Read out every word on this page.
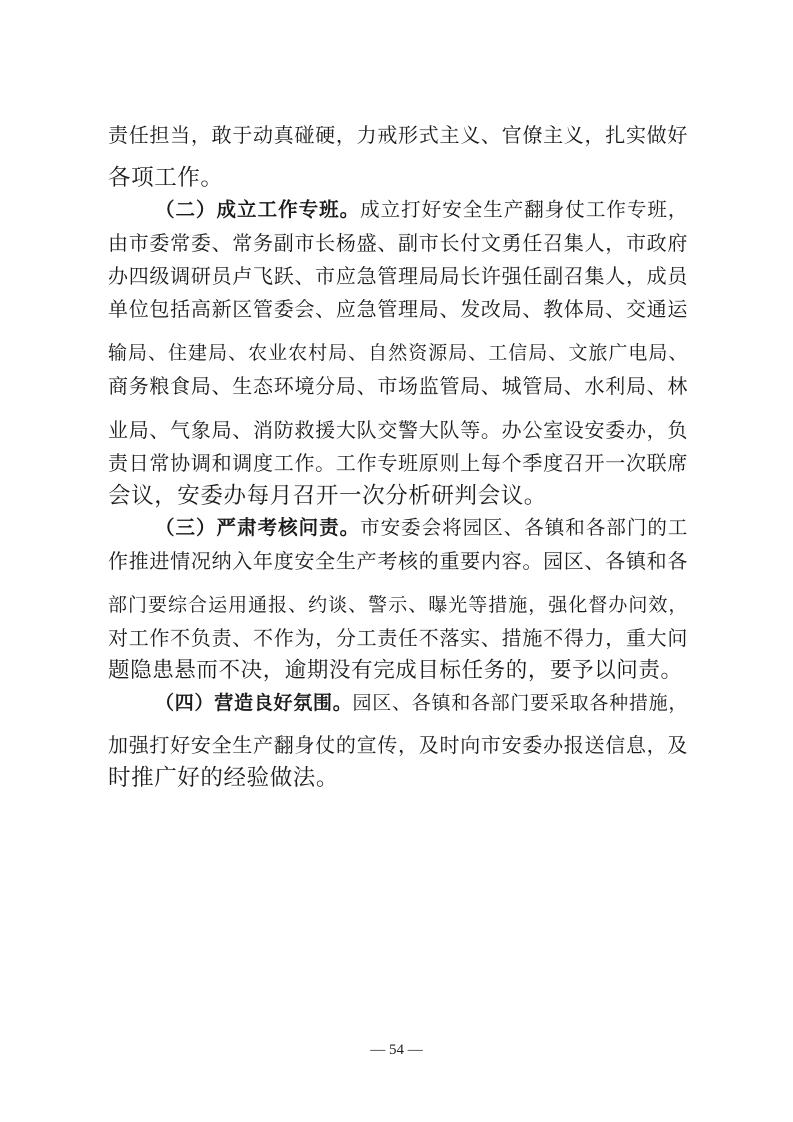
责任担当，敢于动真碰硬，力戒形式主义、官僚主义，扎实做好
各项工作。
（二）成立工作专班。成立打好安全生产翻身仗工作专班，
由市委常委、常务副市长杨盛、副市长付文勇任召集人，市政府
办四级调研员卢飞跃、市应急管理局局长许强任副召集人，成员
单位包括高新区管委会、应急管理局、发改局、教体局、交通运
输局、住建局、农业农村局、自然资源局、工信局、文旅广电局、
商务粮食局、生态环境分局、市场监管局、城管局、水利局、林
业局、气象局、消防救援大队交警大队等。办公室设安委办，负
责日常协调和调度工作。工作专班原则上每个季度召开一次联席
会议，安委办每月召开一次分析研判会议。
（三）严肃考核问责。市安委会将园区、各镇和各部门的工
作推进情况纳入年度安全生产考核的重要内容。园区、各镇和各
部门要综合运用通报、约谈、警示、曝光等措施，强化督办问效，
对工作不负责、不作为，分工责任不落实、措施不得力，重大问
题隐患悬而不决，逾期没有完成目标任务的，要予以问责。
（四）营造良好氛围。园区、各镇和各部门要采取各种措施，
加强打好安全生产翻身仗的宣传，及时向市安委办报送信息，及
时推广好的经验做法。
— 54 —
